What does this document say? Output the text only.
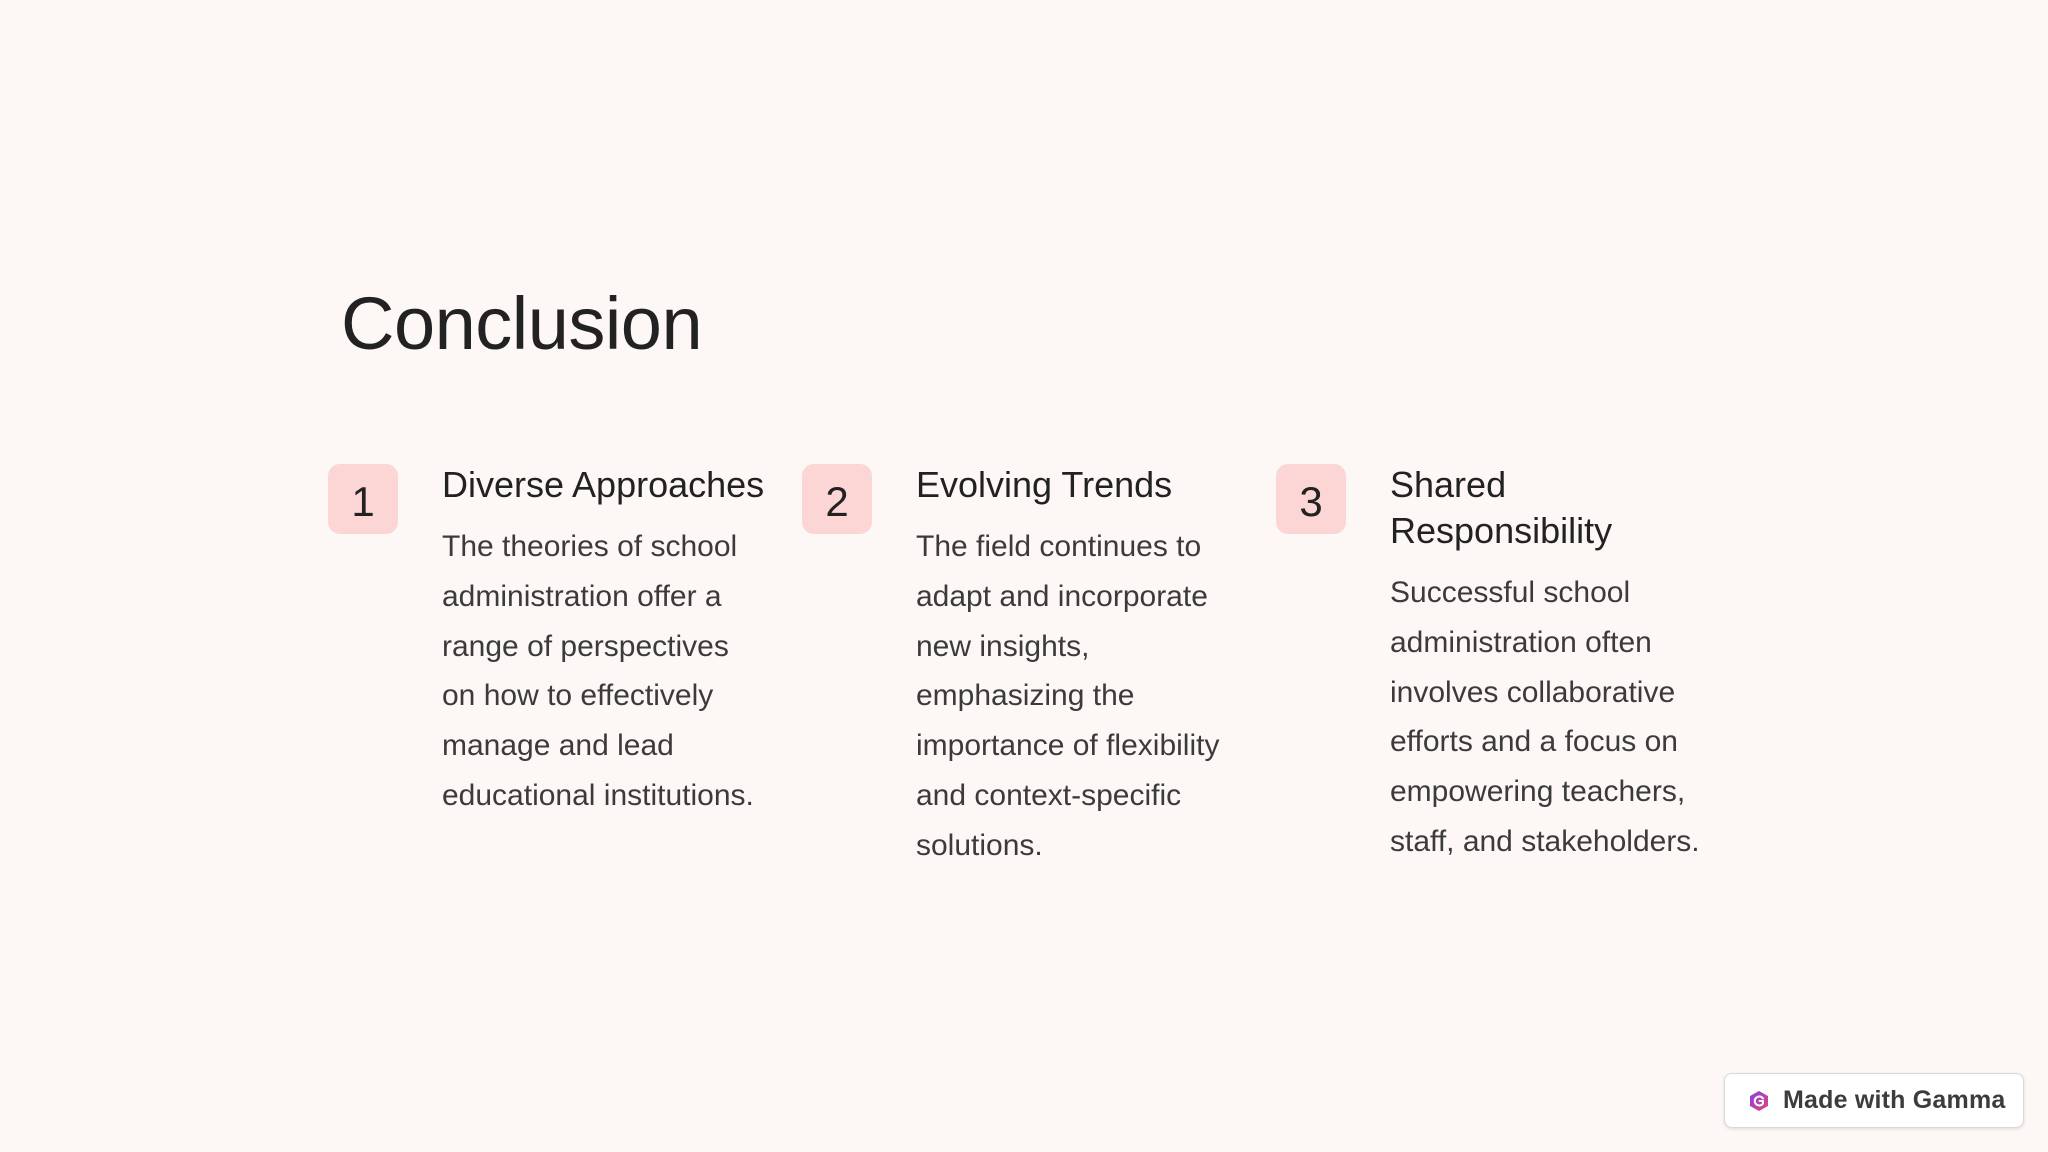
Conclusion
1	Diverse Approaches

The theories of school administration offer a range of perspectives on how to effectively manage and lead educational institutions.

2	Evolving Trends

The field continues to adapt and incorporate new insights, emphasizing the importance of flexibility and context-specific solutions.

3	Shared Responsibility

Successful school administration often involves collaborative efforts and a focus on empowering teachers, staff, and stakeholders.

Made with Gamma
